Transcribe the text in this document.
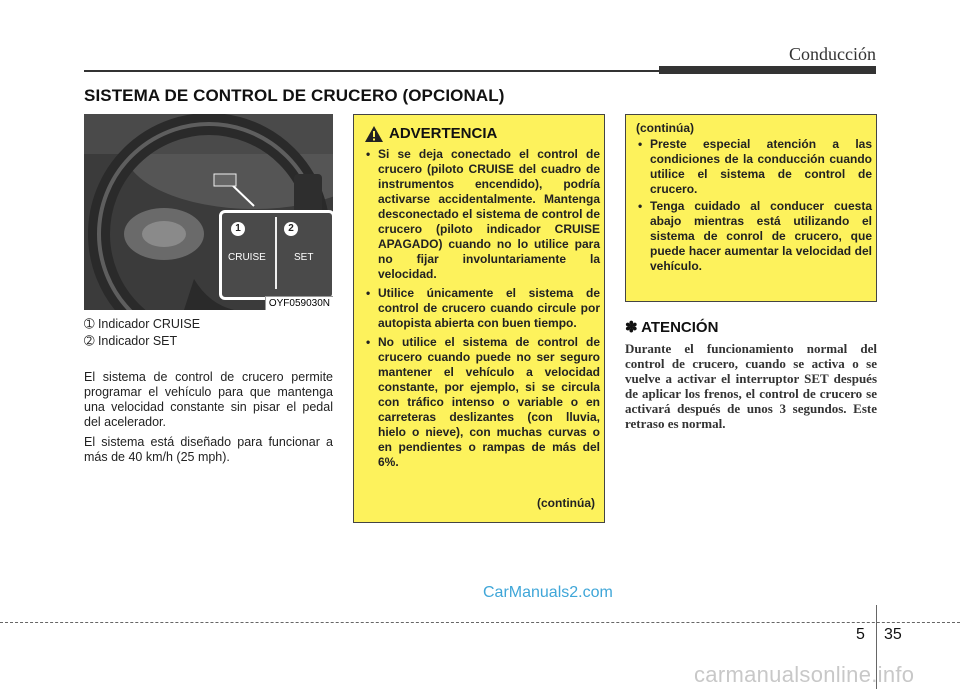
Conducción
SISTEMA DE CONTROL DE CRUCERO (OPCIONAL)
1	2
CRUISE	SET
OYF059030N
➀ Indicador CRUISE
➁ Indicador SET

El sistema de control de crucero permite programar el vehículo para que mantenga una velocidad constante sin pisar el pedal del acelerador.

El sistema está diseñado para funcionar a más de 40 km/h (25 mph).

ADVERTENCIA
• Si se deja conectado el control de crucero (piloto CRUISE del cuadro de instrumentos encendido), podría activarse accidentalmente. Mantenga desconectado el sistema de control de crucero (piloto indicador CRUISE APAGADO) cuando no lo utilice para no fijar involuntariamente la velocidad.
• Utilice únicamente el sistema de control de crucero cuando circule por autopista abierta con buen tiempo.
• No utilice el sistema de control de crucero cuando puede no ser seguro mantener el vehículo a velocidad constante, por ejemplo, si se circula con tráfico intenso o variable o en carreteras deslizantes (con lluvia, hielo o nieve), con muchas curvas o en pendientes o rampas de más del 6%.
(continúa)
(continúa)
• Preste especial atención a las condiciones de la conducción cuando utilice el sistema de control de crucero.
• Tenga cuidado al conducer cuesta abajo mientras está utilizando el sistema de conrol de crucero, que puede hacer aumentar la velocidad del vehículo.
✽ ATENCIÓN
Durante el funcionamiento normal del control de crucero, cuando se activa o se vuelve a activar el interruptor SET después de aplicar los frenos, el control de crucero se activará después de unos 3 segundos. Este retraso es normal.
CarManuals2.com
5 35
carmanualsonline.info
